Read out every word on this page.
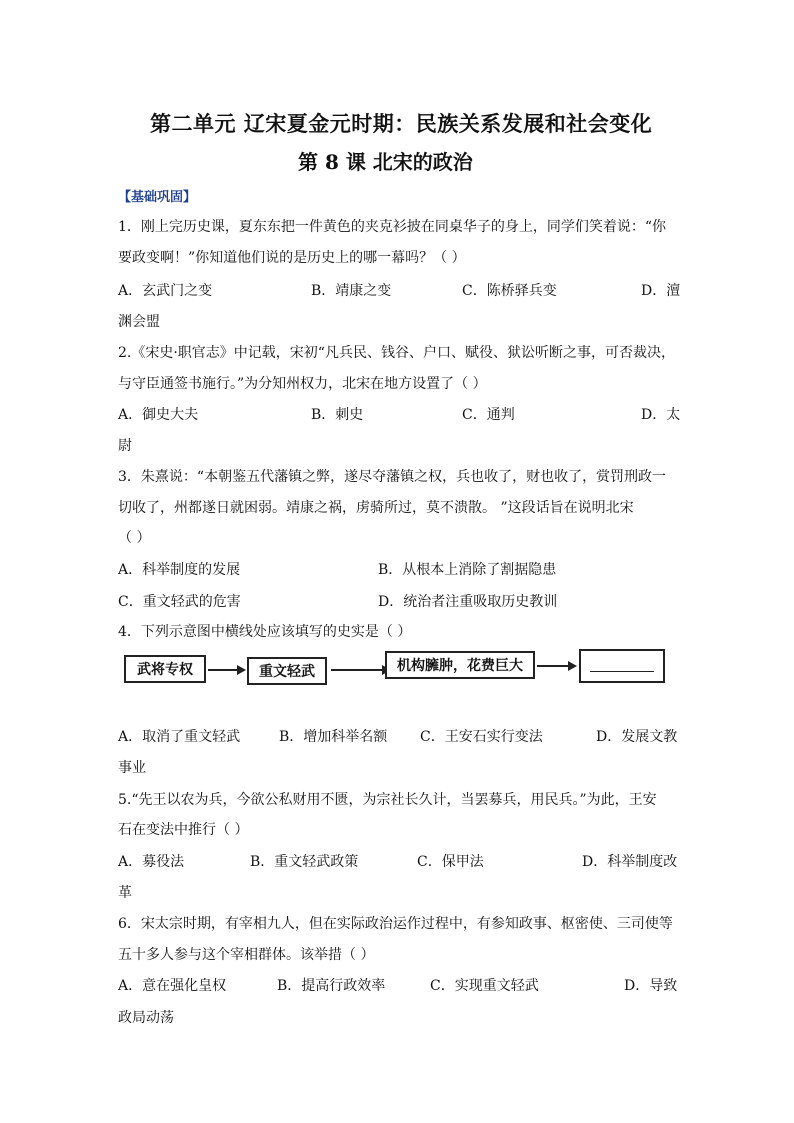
第二单元 辽宋夏金元时期：民族关系发展和社会变化
第 8 课 北宋的政治
【基础巩固】
1．刚上完历史课，夏东东把一件黄色的夹克衫披在同桌华子的身上，同学们笑着说：“你
要政变啊！”你知道他们说的是历史上的哪一幕吗？（ ）
A．玄武门之变	B．靖康之变	C．陈桥驿兵变	D．澶
渊会盟
2.《宋史·职官志》中记载，宋初“凡兵民、钱谷、户口、赋役、狱讼听断之事，可否裁决，
与守臣通签书施行。”为分知州权力，北宋在地方设置了（ ）
A．御史大夫	B．刺史	C．通判	D．太
尉
3．朱熹说：“本朝鉴五代藩镇之弊，遂尽夺藩镇之权，兵也收了，财也收了，赏罚刑政一
切收了，州都遂日就困弱。靖康之祸，虏骑所过，莫不溃散。 ”这段话旨在说明北宋
（ ）
A．科举制度的发展	B．从根本上消除了割据隐患
C．重文轻武的危害	D．统治者注重吸取历史教训
4．下列示意图中横线处应该填写的史实是（ ）
武将专权	重文轻武	机构臃肿，花费巨大
A．取消了重文轻武	B．增加科举名额 C．王安石实行变法	D．发展文教
事业
5.“先王以农为兵，今欲公私财用不匮，为宗社长久计，当罢募兵，用民兵。”为此，王安
石在变法中推行（ ）
A．募役法	B．重文轻武政策	C．保甲法	D．科举制度改
革
6．宋太宗时期，有宰相九人，但在实际政治运作过程中，有参知政事、枢密使、三司使等
五十多人参与这个宰相群体。该举措（ ）
A．意在强化皇权	B．提高行政效率	C．实现重文轻武	D．导致
政局动荡
